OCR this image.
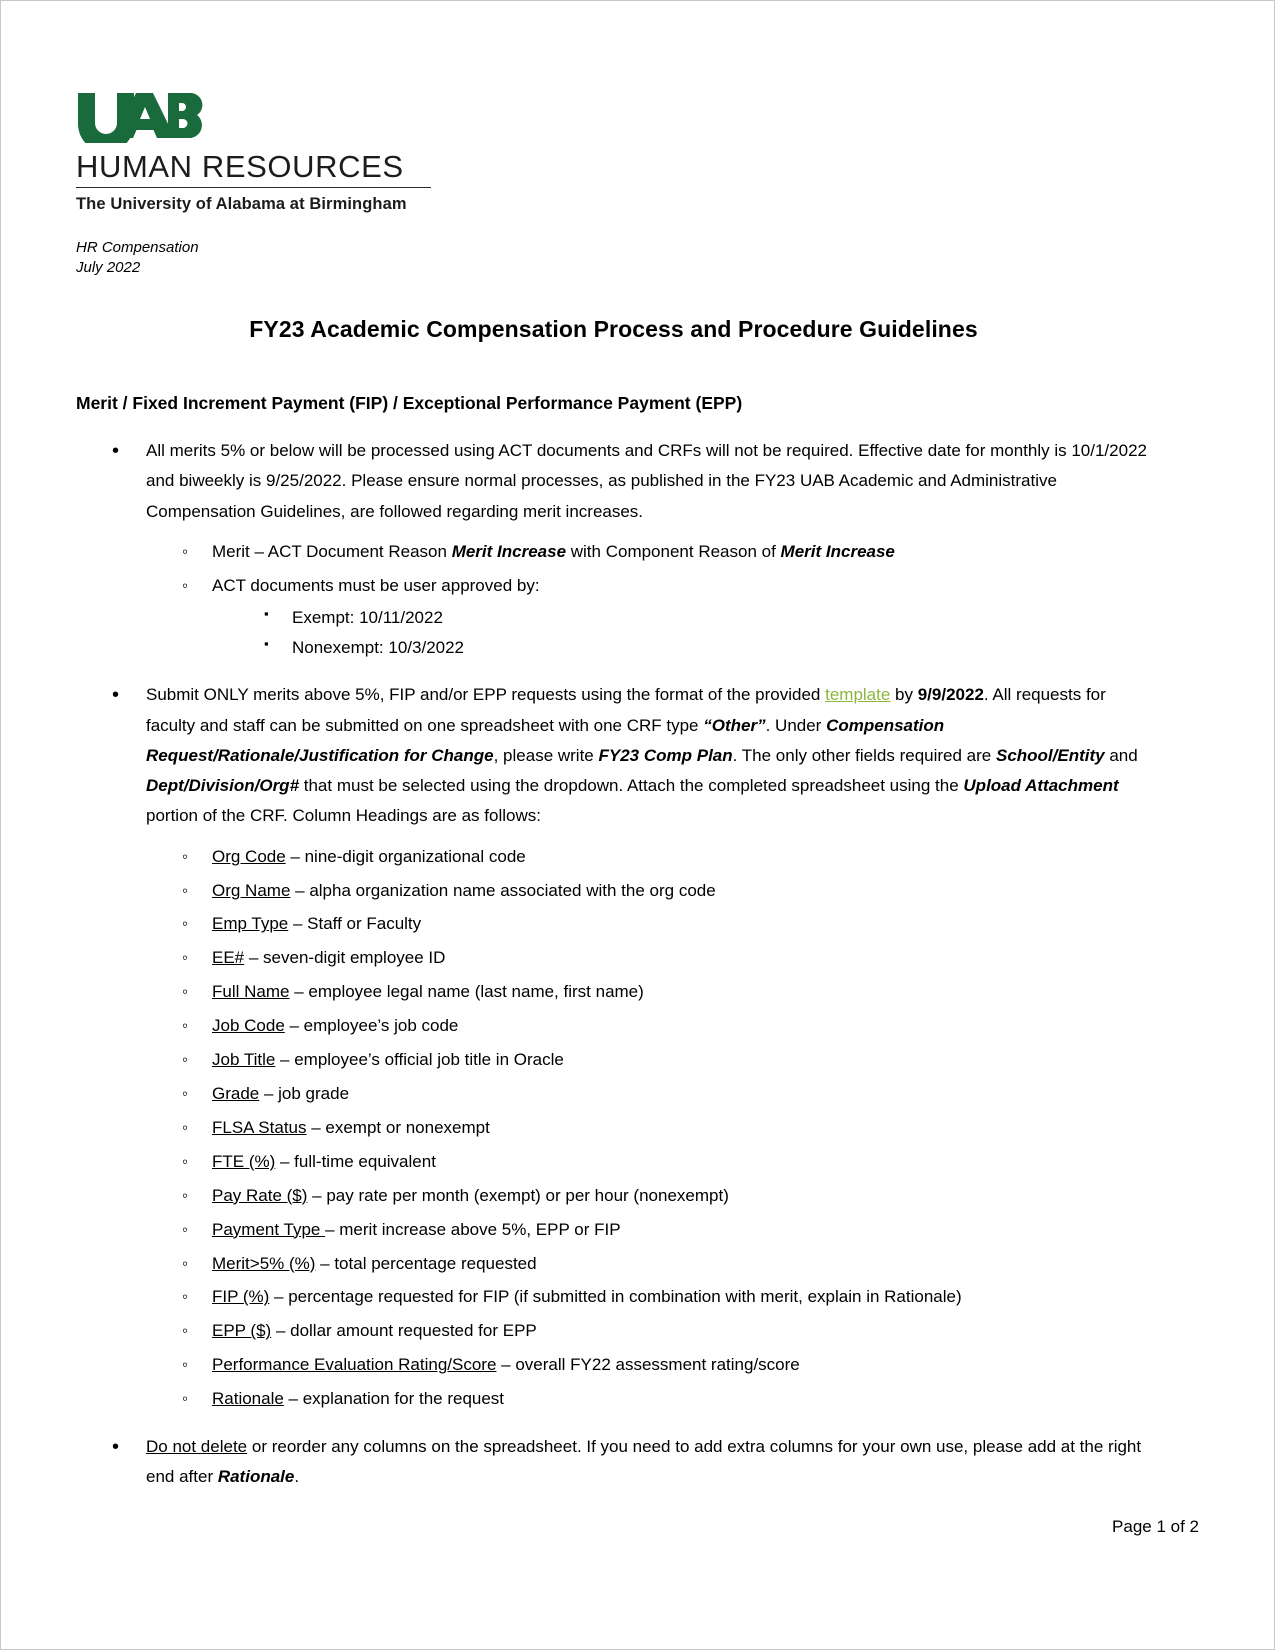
HUMAN RESOURCES
The University of Alabama at Birmingham
HR Compensation
July 2022
FY23 Academic Compensation Process and Procedure Guidelines
Merit / Fixed Increment Payment (FIP) / Exceptional Performance Payment (EPP)
• All merits 5% or below will be processed using ACT documents and CRFs will not be required. Effective date for monthly is 10/1/2022 and biweekly is 9/25/2022. Please ensure normal processes, as published in the FY23 UAB Academic and Administrative Compensation Guidelines, are followed regarding merit increases.
◦ Merit – ACT Document Reason Merit Increase with Component Reason of Merit Increase
◦ ACT documents must be user approved by:
▪ Exempt: 10/11/2022
▪ Nonexempt: 10/3/2022
• Submit ONLY merits above 5%, FIP and/or EPP requests using the format of the provided template by 9/9/2022. All requests for faculty and staff can be submitted on one spreadsheet with one CRF type “Other”. Under Compensation Request/Rationale/Justification for Change, please write FY23 Comp Plan. The only other fields required are School/Entity and Dept/Division/Org# that must be selected using the dropdown. Attach the completed spreadsheet using the Upload Attachment portion of the CRF. Column Headings are as follows:
◦ Org Code – nine-digit organizational code
◦ Org Name – alpha organization name associated with the org code
◦ Emp Type – Staff or Faculty
◦ EE# – seven-digit employee ID
◦ Full Name – employee legal name (last name, first name)
◦ Job Code – employee’s job code
◦ Job Title – employee’s official job title in Oracle
◦ Grade – job grade
◦ FLSA Status – exempt or nonexempt
◦ FTE (%) – full-time equivalent
◦ Pay Rate ($) – pay rate per month (exempt) or per hour (nonexempt)
◦ Payment Type – merit increase above 5%, EPP or FIP
◦ Merit>5% (%) – total percentage requested
◦ FIP (%) – percentage requested for FIP (if submitted in combination with merit, explain in Rationale)
◦ EPP ($) – dollar amount requested for EPP
◦ Performance Evaluation Rating/Score – overall FY22 assessment rating/score
◦ Rationale – explanation for the request
• Do not delete or reorder any columns on the spreadsheet. If you need to add extra columns for your own use, please add at the right end after Rationale.
Page 1 of 2
